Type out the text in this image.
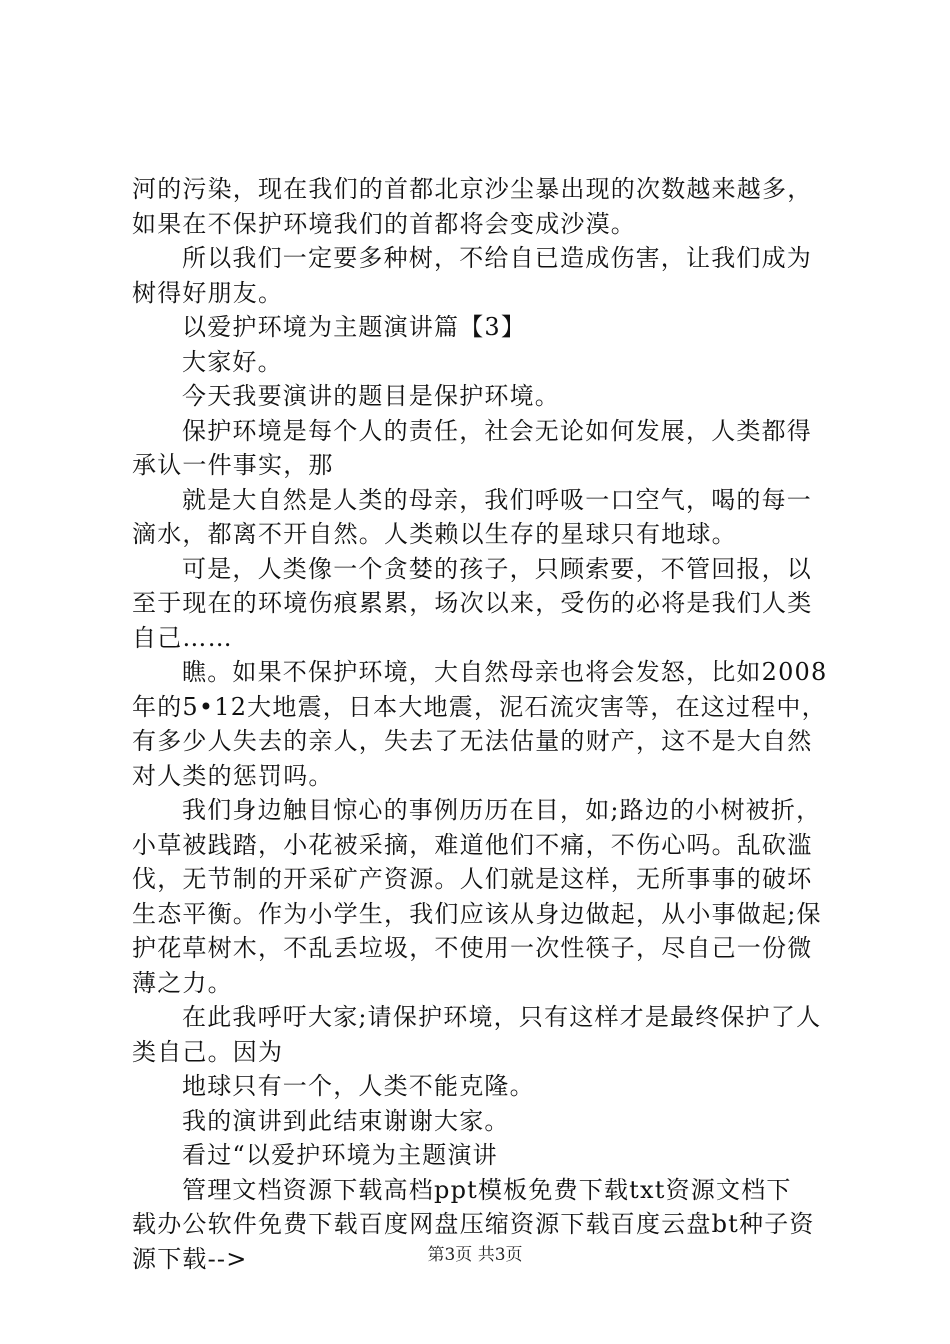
河的污染，现在我们的首都北京沙尘暴出现的次数越来越多，

如果在不保护环境我们的首都将会变成沙漠。

所以我们一定要多种树，不给自已造成伤害，让我们成为

树得好朋友。

以爱护环境为主题演讲篇【3】

大家好。

今天我要演讲的题目是保护环境。

保护环境是每个人的责任，社会无论如何发展，人类都得

承认一件事实，那

就是大自然是人类的母亲，我们呼吸一口空气，喝的每一

滴水，都离不开自然。人类赖以生存的星球只有地球。

可是，人类像一个贪婪的孩子，只顾索要，不管回报，以

至于现在的环境伤痕累累，场次以来，受伤的必将是我们人类

自己……

瞧。如果不保护环境，大自然母亲也将会发怒，比如2008

年的5•12大地震，日本大地震，泥石流灾害等，在这过程中，

有多少人失去的亲人，失去了无法估量的财产，这不是大自然

对人类的惩罚吗。

我们身边触目惊心的事例历历在目，如;路边的小树被折，

小草被践踏，小花被采摘，难道他们不痛，不伤心吗。乱砍滥

伐，无节制的开采矿产资源。人们就是这样，无所事事的破坏

生态平衡。作为小学生，我们应该从身边做起，从小事做起;保

护花草树木，不乱丢垃圾，不使用一次性筷子，尽自己一份微

薄之力。

在此我呼吁大家;请保护环境，只有这样才是最终保护了人

类自己。因为

地球只有一个，人类不能克隆。

我的演讲到此结束谢谢大家。

看过“以爱护环境为主题演讲

管理文档资源下载高档ppt模板免费下载txt资源文档下

载办公软件免费下载百度网盘压缩资源下载百度云盘bt种子资

源下载-->	第3页 共3页
